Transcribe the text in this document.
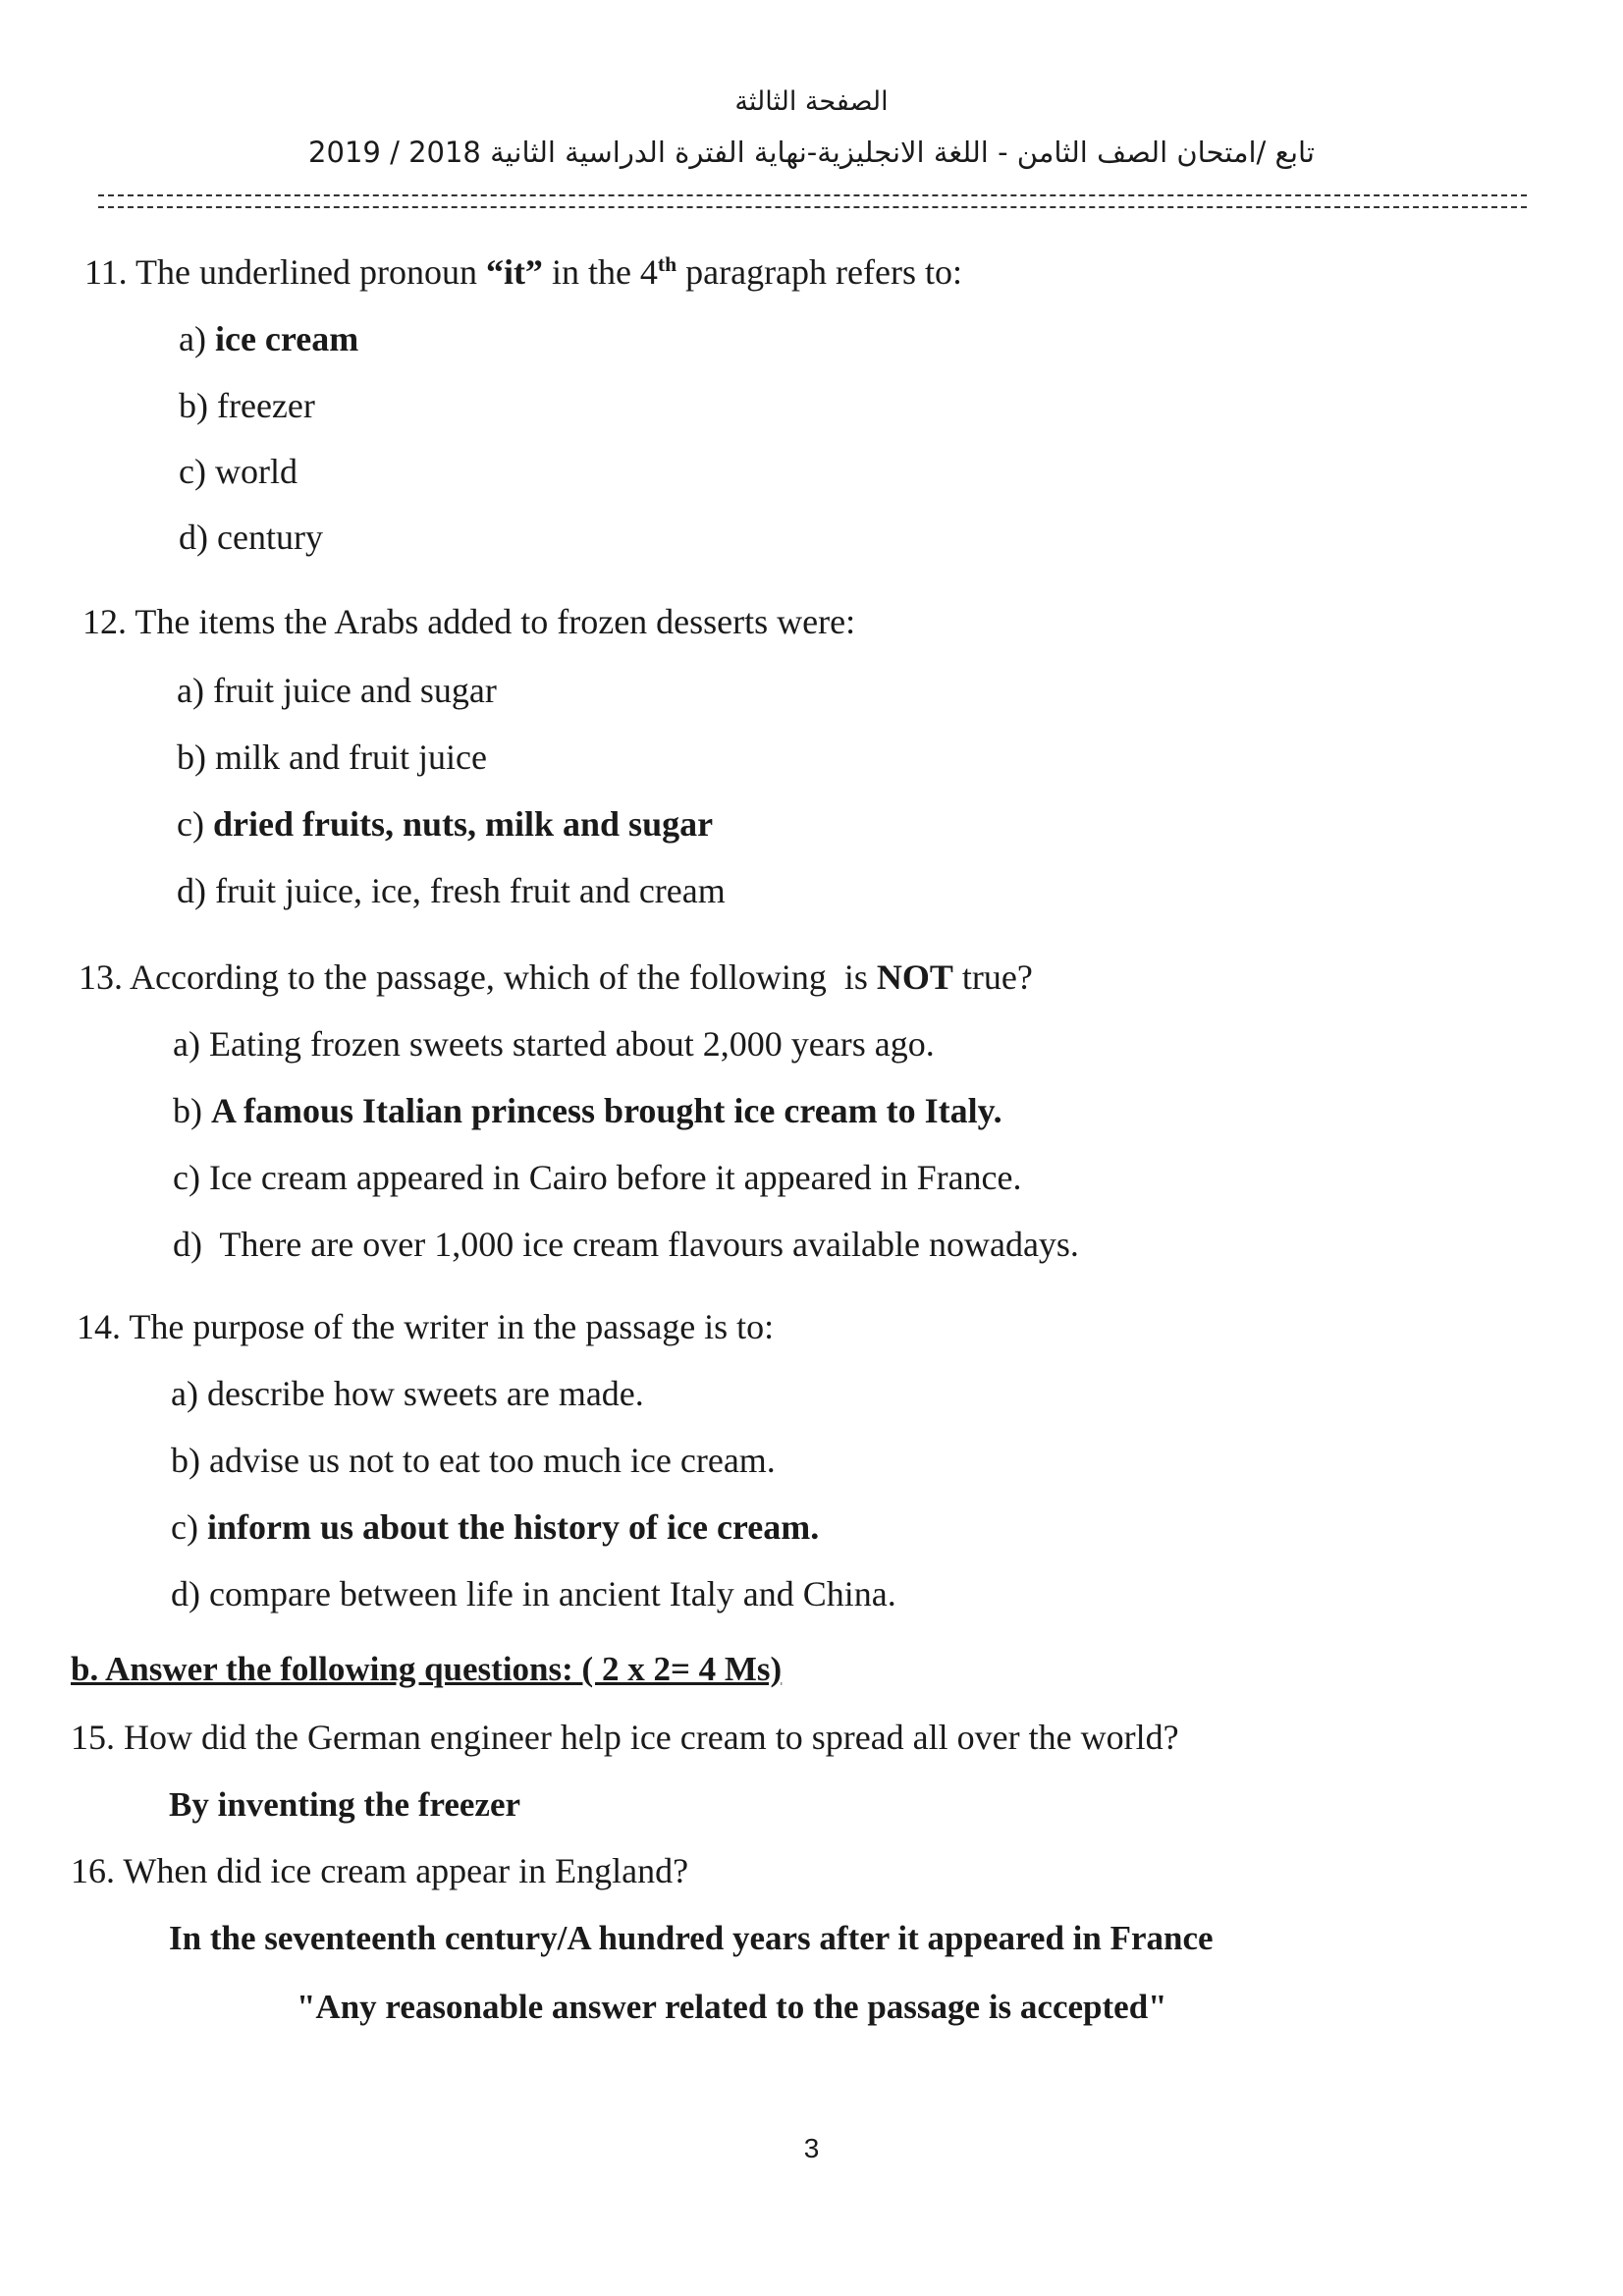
الصفحة الثالثة
تابع /امتحان الصف الثامن - اللغة الانجليزية-نهاية الفترة الدراسية الثانية 2018 / 2019
11. The underlined pronoun “it” in the 4th paragraph refers to:
a) ice cream
b) freezer
c) world
d) century
12. The items the Arabs added to frozen desserts were:
a) fruit juice and sugar
b) milk and fruit juice
c) dried fruits, nuts, milk and sugar
d) fruit juice, ice, fresh fruit and cream
13. According to the passage, which of the following  is NOT true?
a) Eating frozen sweets started about 2,000 years ago.
b) A famous Italian princess brought ice cream to Italy.
c) Ice cream appeared in Cairo before it appeared in France.
d)  There are over 1,000 ice cream flavours available nowadays.
14. The purpose of the writer in the passage is to:
a) describe how sweets are made.
b) advise us not to eat too much ice cream.
c) inform us about the history of ice cream.
d) compare between life in ancient Italy and China.
b. Answer the following questions: ( 2 x 2= 4 Ms)
15. How did the German engineer help ice cream to spread all over the world?
By inventing the freezer
16. When did ice cream appear in England?
In the seventeenth century/A hundred years after it appeared in France
"Any reasonable answer related to the passage is accepted"
3
